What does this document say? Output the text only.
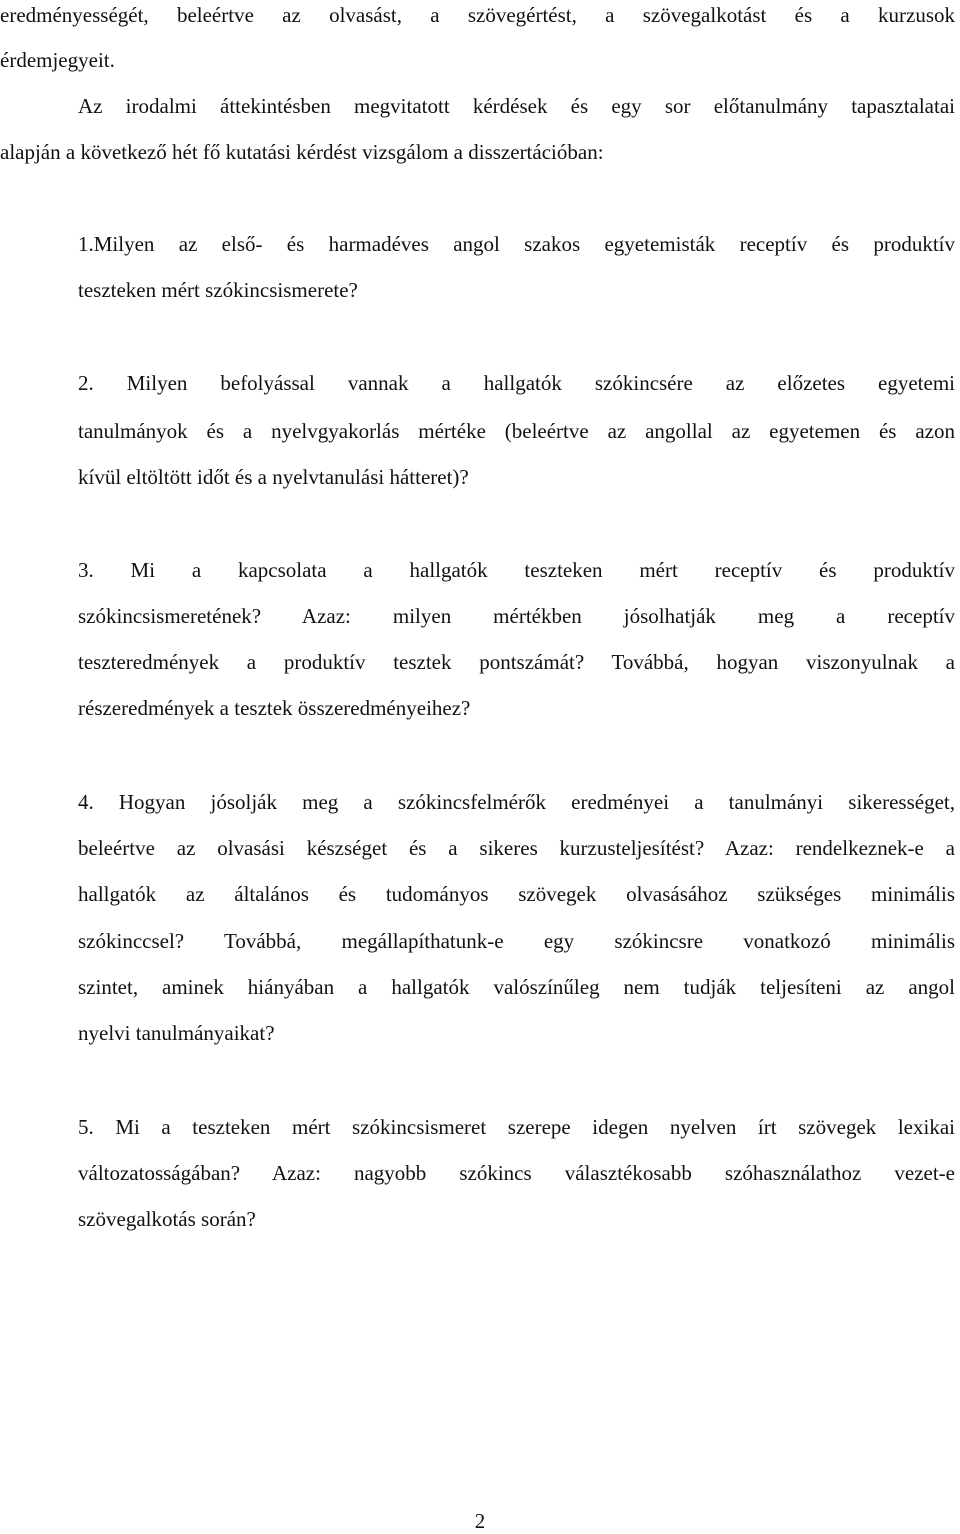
eredményességét, beleértve az olvasást, a szövegértést, a szövegalkotást és a kurzusok

érdemjegyeit.

Az irodalmi áttekintésben megvitatott kérdések és egy sor előtanulmány tapasztalatai

alapján a következő hét fő kutatási kérdést vizsgálom a disszertációban:

1.Milyen az első- és harmadéves angol szakos egyetemisták receptív és produktív

teszteken mért szókincsismerete?

2. Milyen befolyással vannak a hallgatók szókincsére az előzetes egyetemi

tanulmányok és a nyelvgyakorlás mértéke (beleértve az angollal az egyetemen és azon

kívül eltöltött időt és a nyelvtanulási hátteret)?

3. Mi a kapcsolata a hallgatók teszteken mért receptív és produktív

szókincsismeretének? Azaz: milyen mértékben jósolhatják meg a receptív

teszteredmények a produktív tesztek pontszámát? Továbbá, hogyan viszonyulnak a

részeredmények a tesztek összeredményeihez?

4. Hogyan jósolják meg a szókincsfelmérők eredményei a tanulmányi sikerességet,

beleértve az olvasási készséget és a sikeres kurzusteljesítést? Azaz: rendelkeznek-e a

hallgatók az általános és tudományos szövegek olvasásához szükséges minimális

szókinccsel? Továbbá, megállapíthatunk-e egy szókincsre vonatkozó minimális

szintet, aminek hiányában a hallgatók valószínűleg nem tudják teljesíteni az angol

nyelvi tanulmányaikat?

5. Mi a teszteken mért szókincsismeret szerepe idegen nyelven írt szövegek lexikai

változatosságában? Azaz: nagyobb szókincs választékosabb szóhasználathoz vezet-e

szövegalkotás során?

2
